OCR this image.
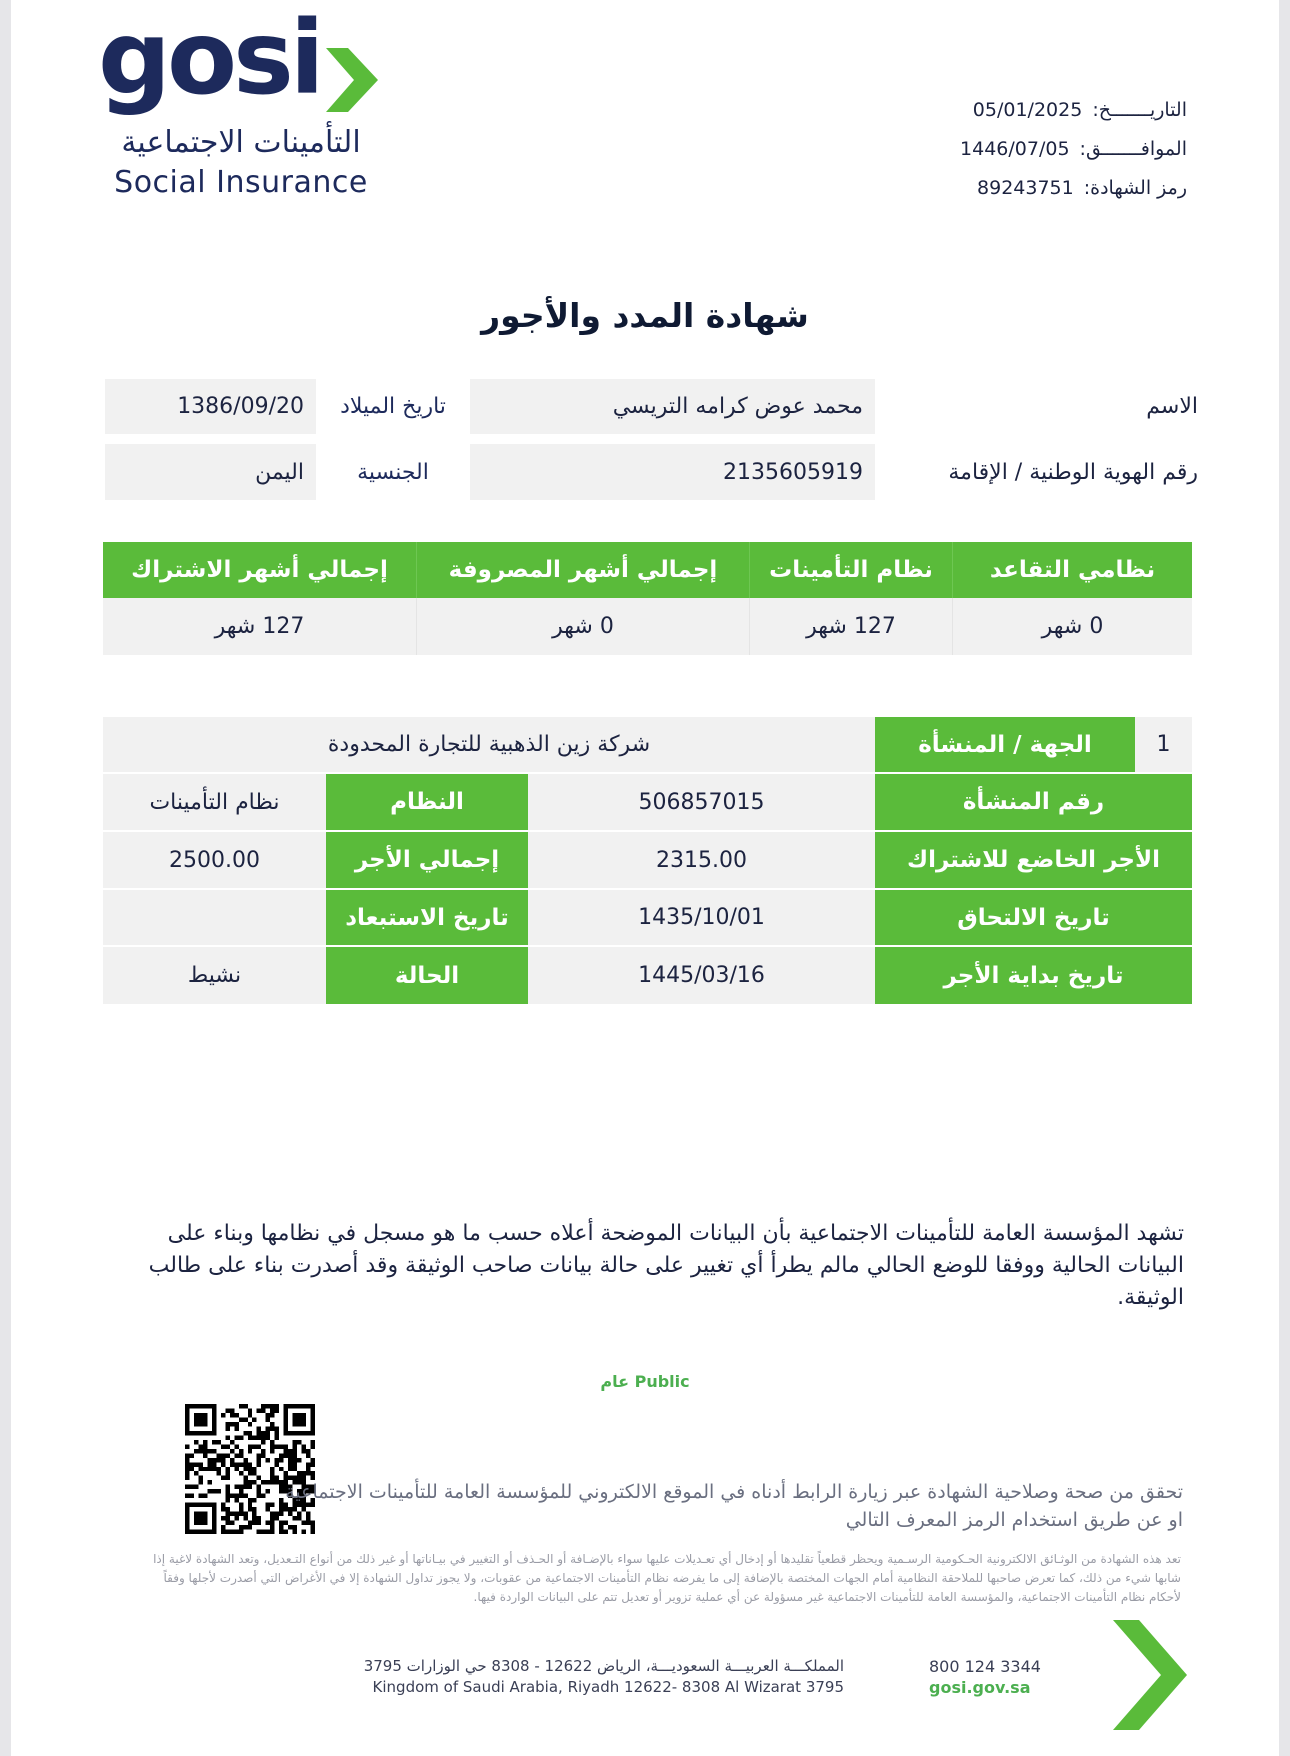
gosi
التأمينات الاجتماعية
Social Insurance
التاريـــــــخ:
05/01/2025
الموافـــــــق:
1446/07/05
رمز الشهادة:
89243751
شهادة المدد والأجور
الاسم
محمد عوض كرامه التريسي
تاريخ الميلاد
1386/09/20
رقم الهوية الوطنية / الإقامة
2135605919
الجنسية
اليمن
نظامي التقاعد
نظام التأمينات
إجمالي أشهر المصروفة
إجمالي أشهر الاشتراك
0 شهر
127 شهر
0 شهر
127 شهر
1
الجهة / المنشأة
شركة زين الذهبية للتجارة المحدودة
رقم المنشأة
506857015
النظام
نظام التأمينات
الأجر الخاضع للاشتراك
2315.00
إجمالي الأجر
2500.00
تاريخ الالتحاق
1435/10/01
تاريخ الاستبعاد
تاريخ بداية الأجر
1445/03/16
الحالة
نشيط
تشهد المؤسسة العامة للتأمينات الاجتماعية بأن البيانات الموضحة أعلاه حسب ما هو مسجل في نظامها وبناء على البيانات الحالية ووفقا للوضع الحالي مالم يطرأ أي تغيير على حالة بيانات صاحب الوثيقة وقد أصدرت بناء على طالب الوثيقة.
Public عام
تحقق من صحة وصلاحية الشهادة عبر زيارة الرابط أدناه في الموقع الالكتروني للمؤسسة العامة للتأمينات الاجتماعية او عن طريق استخدام الرمز المعرف التالي
تعد هذه الشهادة من الوثـائق الالكترونية الحـكومية الرسـمية ويحظر قطعياً تقليدها أو إدخال أي تعـديلات عليها سواء بالإضـافة أو الحـذف أو التغيير في بيـاناتها أو غير ذلك من أنواع التـعديل، وتعد الشهادة لاغية إذا شابها شيء من ذلك، كما تعرض صاحبها للملاحقة النظامية أمام الجهات المختصة بالإضافة إلى ما يفرضه نظام التأمينات الاجتماعية من عقوبات، ولا يجوز تداول الشهادة إلا في الأغراض التي أصدرت لأجلها وفقاً لأحكام نظام التأمينات الاجتماعية، والمؤسسة العامة للتأمينات الاجتماعية غير مسؤولة عن أي عملية تزوير أو تعديل تتم على البيانات الواردة فيها.
المملكـــة العربيـــة السعوديـــة، الرياض 12622 - 8308 حي الوزارات 3795
Kingdom of Saudi Arabia, Riyadh 12622- 8308 Al Wizarat 3795
800 124 3344
gosi.gov.sa
